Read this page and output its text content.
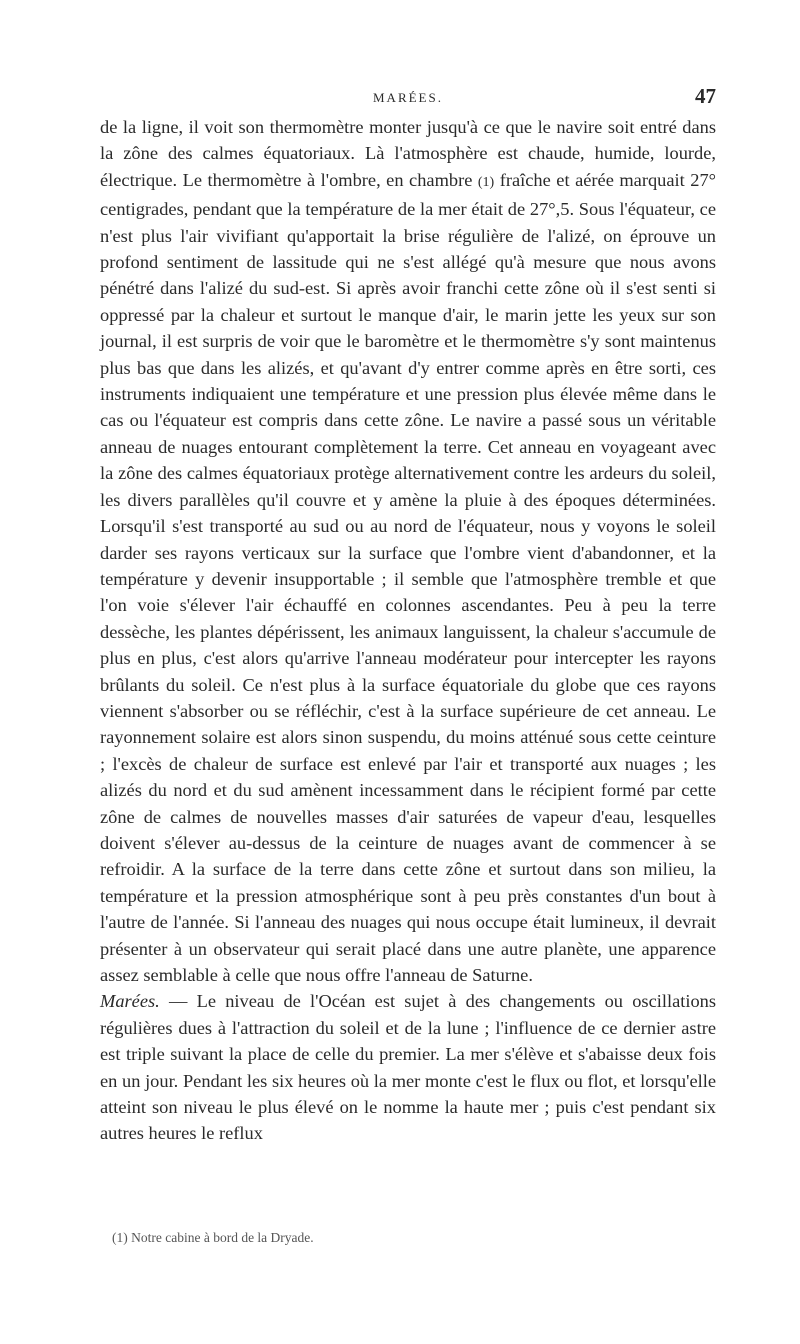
MARÉES.	47

de la ligne, il voit son thermomètre monter jusqu'à ce que le navire soit entré dans la zône des calmes équatoriaux. Là l'atmosphère est chaude, humide, lourde, électrique. Le thermomètre à l'ombre, en chambre (1) fraîche et aérée marquait 27° centigrades, pendant que la température de la mer était de 27°,5. Sous l'équateur, ce n'est plus l'air vivifiant qu'apportait la brise régulière de l'alizé, on éprouve un profond sentiment de lassitude qui ne s'est allégé qu'à mesure que nous avons pénétré dans l'alizé du sud-est. Si après avoir franchi cette zône où il s'est senti si oppressé par la chaleur et surtout le manque d'air, le marin jette les yeux sur son journal, il est surpris de voir que le baromètre et le thermomètre s'y sont maintenus plus bas que dans les alizés, et qu'avant d'y entrer comme après en être sorti, ces instruments indiquaient une température et une pression plus élevée même dans le cas ou l'équateur est compris dans cette zône. Le navire a passé sous un véritable anneau de nuages entourant complètement la terre. Cet anneau en voyageant avec la zône des calmes équatoriaux protège alternativement contre les ardeurs du soleil, les divers parallèles qu'il couvre et y amène la pluie à des époques déterminées. Lorsqu'il s'est transporté au sud ou au nord de l'équateur, nous y voyons le soleil darder ses rayons verticaux sur la surface que l'ombre vient d'abandonner, et la température y devenir insupportable ; il semble que l'atmosphère tremble et que l'on voie s'élever l'air échauffé en colonnes ascendantes. Peu à peu la terre dessèche, les plantes dépérissent, les animaux languissent, la chaleur s'accumule de plus en plus, c'est alors qu'arrive l'anneau modérateur pour intercepter les rayons brûlants du soleil. Ce n'est plus à la surface équatoriale du globe que ces rayons viennent s'absorber ou se réfléchir, c'est à la surface supérieure de cet anneau. Le rayonnement solaire est alors sinon suspendu, du moins atténué sous cette ceinture ; l'excès de chaleur de surface est enlevé par l'air et transporté aux nuages ; les alizés du nord et du sud amènent incessamment dans le récipient formé par cette zône de calmes de nouvelles masses d'air saturées de vapeur d'eau, lesquelles doivent s'élever au-dessus de la ceinture de nuages avant de commencer à se refroidir. A la surface de la terre dans cette zône et surtout dans son milieu, la température et la pression atmosphérique sont à peu près constantes d'un bout à l'autre de l'année. Si l'anneau des nuages qui nous occupe était lumineux, il devrait présenter à un observateur qui serait placé dans une autre planète, une apparence assez semblable à celle que nous offre l'anneau de Saturne.

Marées. — Le niveau de l'Océan est sujet à des changements ou oscillations régulières dues à l'attraction du soleil et de la lune ; l'influence de ce dernier astre est triple suivant la place de celle du premier. La mer s'élève et s'abaisse deux fois en un jour. Pendant les six heures où la mer monte c'est le flux ou flot, et lorsqu'elle atteint son niveau le plus élevé on le nomme la haute mer ; puis c'est pendant six autres heures le reflux

(1) Notre cabine à bord de la Dryade.
